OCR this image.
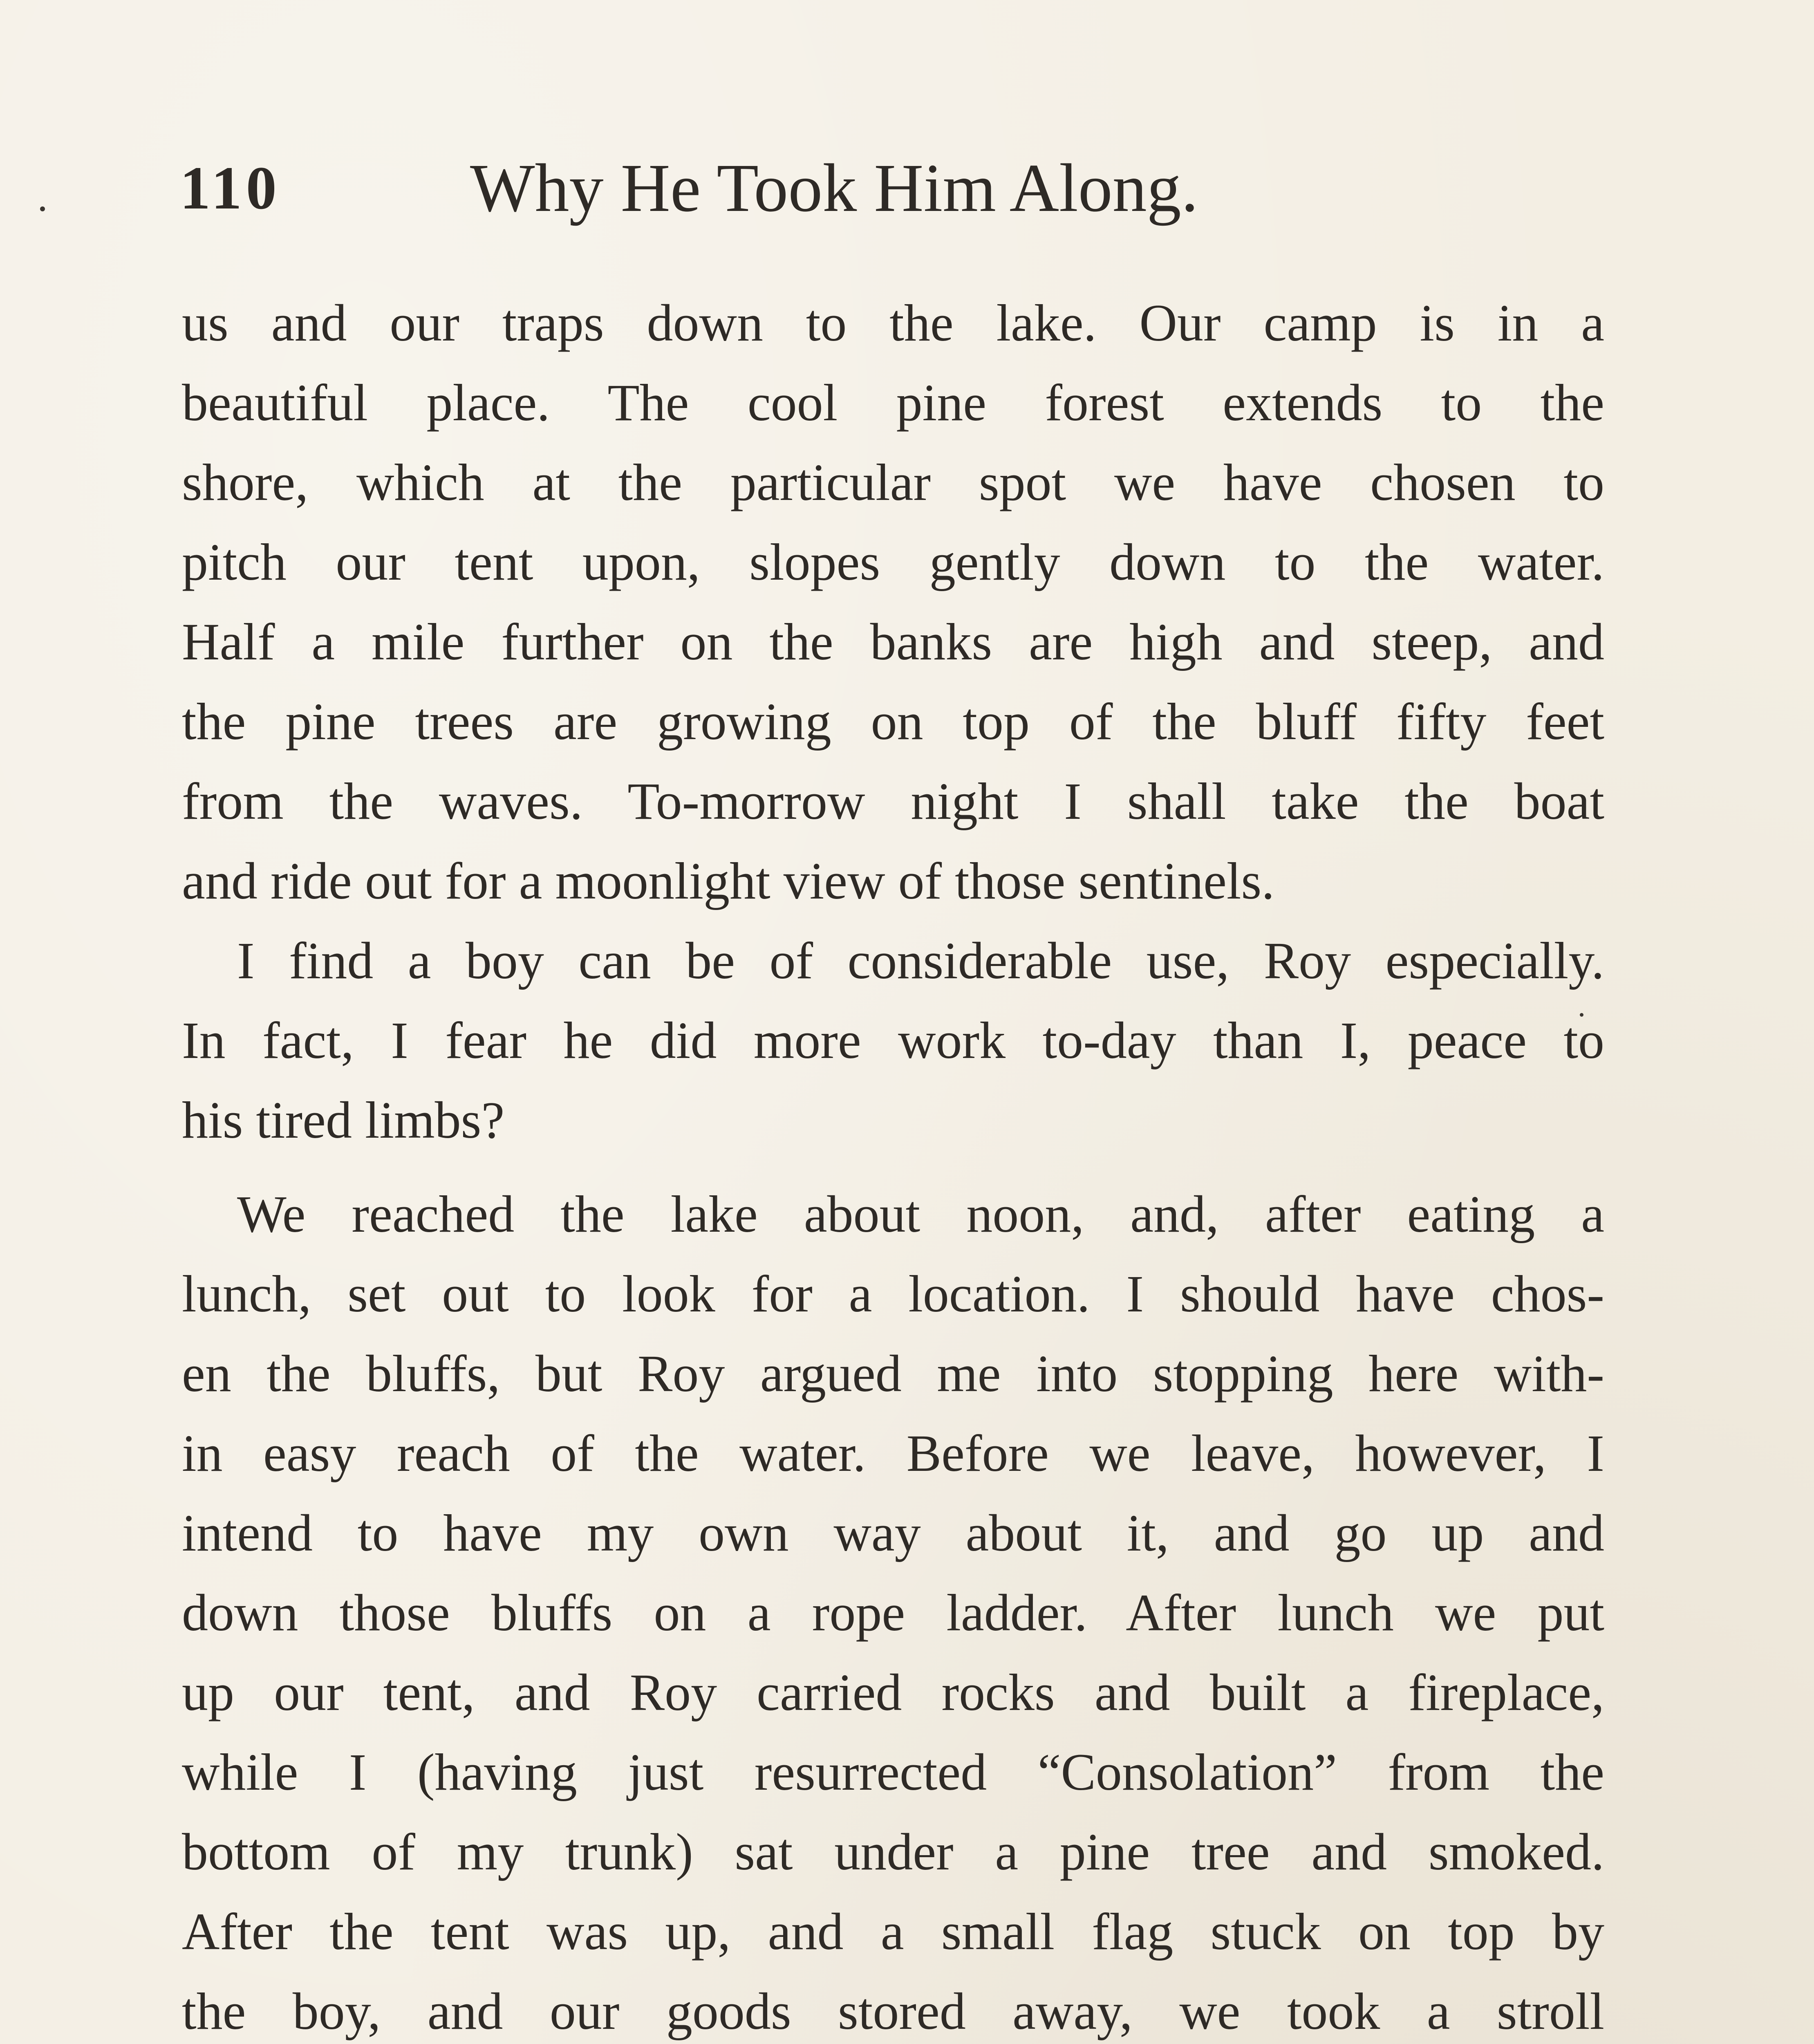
110	Why He Took Him Along.
us and our traps down to the lake. Our camp is in a
beautiful place. The cool pine forest extends to the
shore, which at the particular spot we have chosen to
pitch our tent upon, slopes gently down to the water.
Half a mile further on the banks are high and steep, and
the pine trees are growing on top of the bluff fifty feet
from the waves. To-morrow night I shall take the boat
and ride out for a moonlight view of those sentinels.
I find a boy can be of considerable use, Roy especially.
In fact, I fear he did more work to-day than I, peace to
his tired limbs?
We reached the lake about noon, and, after eating a
lunch, set out to look for a location. I should have chos-
en the bluffs, but Roy argued me into stopping here with-
in easy reach of the water. Before we leave, however, I
intend to have my own way about it, and go up and
down those bluffs on a rope ladder. After lunch we put
up our tent, and Roy carried rocks and built a fireplace,
while I (having just resurrected “Consolation” from the
bottom of my trunk) sat under a pine tree and smoked.
After the tent was up, and a small flag stuck on top by
the boy, and our goods stored away, we took a stroll
